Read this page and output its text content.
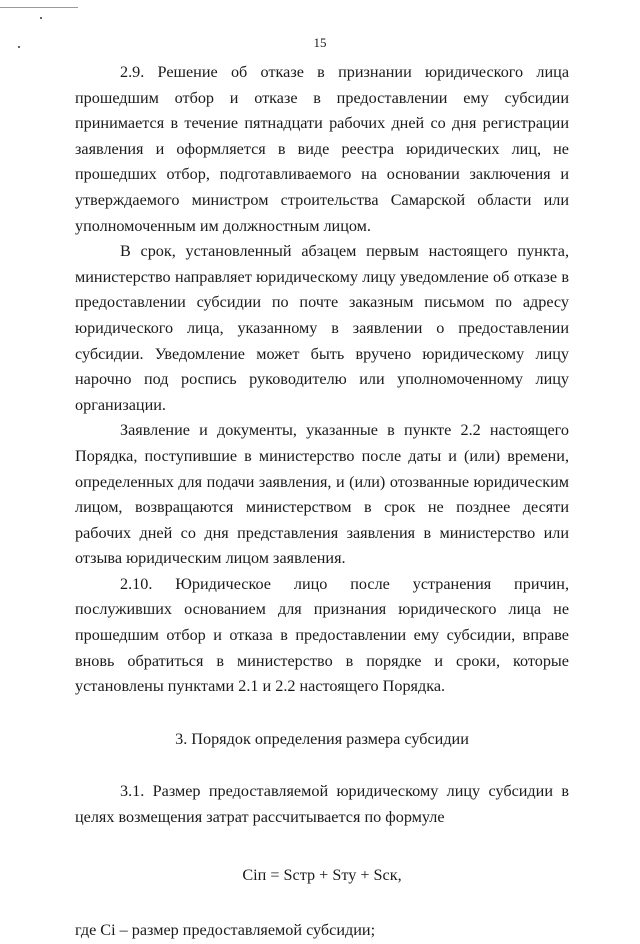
15

2.9. Решение об отказе в признании юридического лица прошедшим отбор и отказе в предоставлении ему субсидии принимается в течение пятнадцати рабочих дней со дня регистрации заявления и оформляется в виде реестра юридических лиц, не прошедших отбор, подготавливаемого на основании заключения и утверждаемого министром строительства Самарской области или уполномоченным им должностным лицом.

В срок, установленный абзацем первым настоящего пункта, министерство направляет юридическому лицу уведомление об отказе в предоставлении субсидии по почте заказным письмом по адресу юридического лица, указанному в заявлении о предоставлении субсидии. Уведомление может быть вручено юридическому лицу нарочно под роспись руководителю или уполномоченному лицу организации.

Заявление и документы, указанные в пункте 2.2 настоящего Порядка, поступившие в министерство после даты и (или) времени, определенных для подачи заявления, и (или) отозванные юридическим лицом, возвращаются министерством в срок не позднее десяти рабочих дней со дня представления заявления в министерство или отзыва юридическим лицом заявления.

2.10. Юридическое лицо после устранения причин, послуживших основанием для признания юридического лица не прошедшим отбор и отказа в предоставлении ему субсидии, вправе вновь обратиться в министерство в порядке и сроки, которые установлены пунктами 2.1 и 2.2 настоящего Порядка.

3. Порядок определения размера субсидии

3.1. Размер предоставляемой юридическому лицу субсидии в целях возмещения затрат рассчитывается по формуле

Сiп = Sстр + Sту + Sск,

где Сi – размер предоставляемой субсидии;
